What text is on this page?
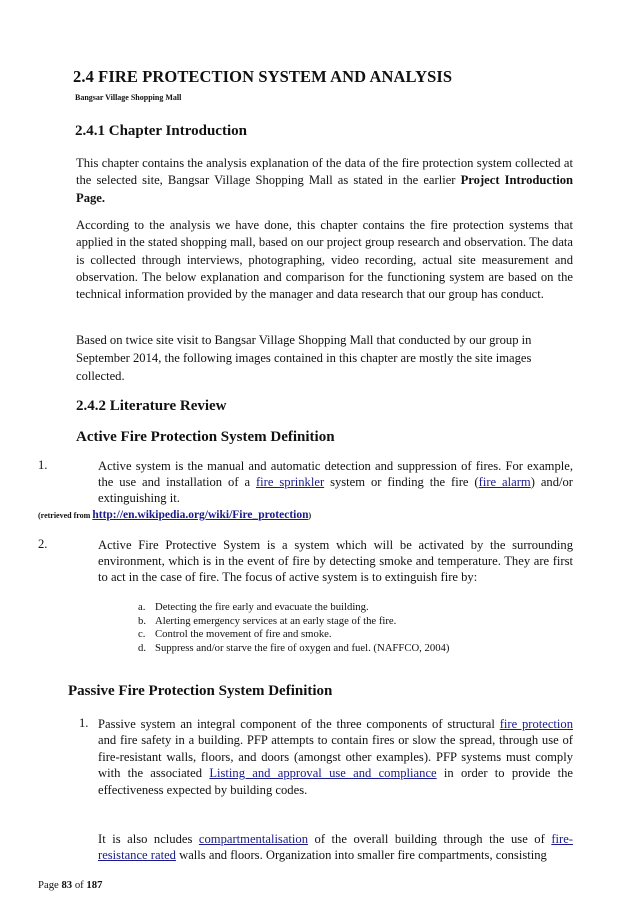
2.4 FIRE PROTECTION SYSTEM AND ANALYSIS
Bangsar Village Shopping Mall
2.4.1 Chapter Introduction
This chapter contains the analysis explanation of the data of the fire protection system collected at the selected site, Bangsar Village Shopping Mall as stated in the earlier Project Introduction Page.
According to the analysis we have done, this chapter contains the fire protection systems that applied in the stated shopping mall, based on our project group research and observation. The data is collected through interviews, photographing, video recording, actual site measurement and observation. The below explanation and comparison for the functioning system are based on the technical information provided by the manager and data research that our group has conduct.
Based on twice site visit to Bangsar Village Shopping Mall that conducted by our group in September 2014, the following images contained in this chapter are mostly the site images collected.
2.4.2 Literature Review
Active Fire Protection System Definition
1.	Active system is the manual and automatic detection and suppression of fires. For example, the use and installation of a fire sprinkler system or finding the fire (fire alarm) and/or extinguishing it.
(retrieved from http://en.wikipedia.org/wiki/Fire_protection)
2.	Active Fire Protective System is a system which will be activated by the surrounding environment, which is in the event of fire by detecting smoke and temperature. They are first to act in the case of fire. The focus of active system is to extinguish fire by:
a. Detecting the fire early and evacuate the building.
b. Alerting emergency services at an early stage of the fire.
c. Control the movement of fire and smoke.
d. Suppress and/or starve the fire of oxygen and fuel. (NAFFCO, 2004)
Passive Fire Protection System Definition
1. Passive system an integral component of the three components of structural fire protection and fire safety in a building. PFP attempts to contain fires or slow the spread, through use of fire-resistant walls, floors, and doors (amongst other examples). PFP systems must comply with the associated Listing and approval use and compliance in order to provide the effectiveness expected by building codes.
It is also ncludes compartmentalisation of the overall building through the use of fire-resistance rated walls and floors. Organization into smaller fire compartments, consisting
Page 83 of 187
